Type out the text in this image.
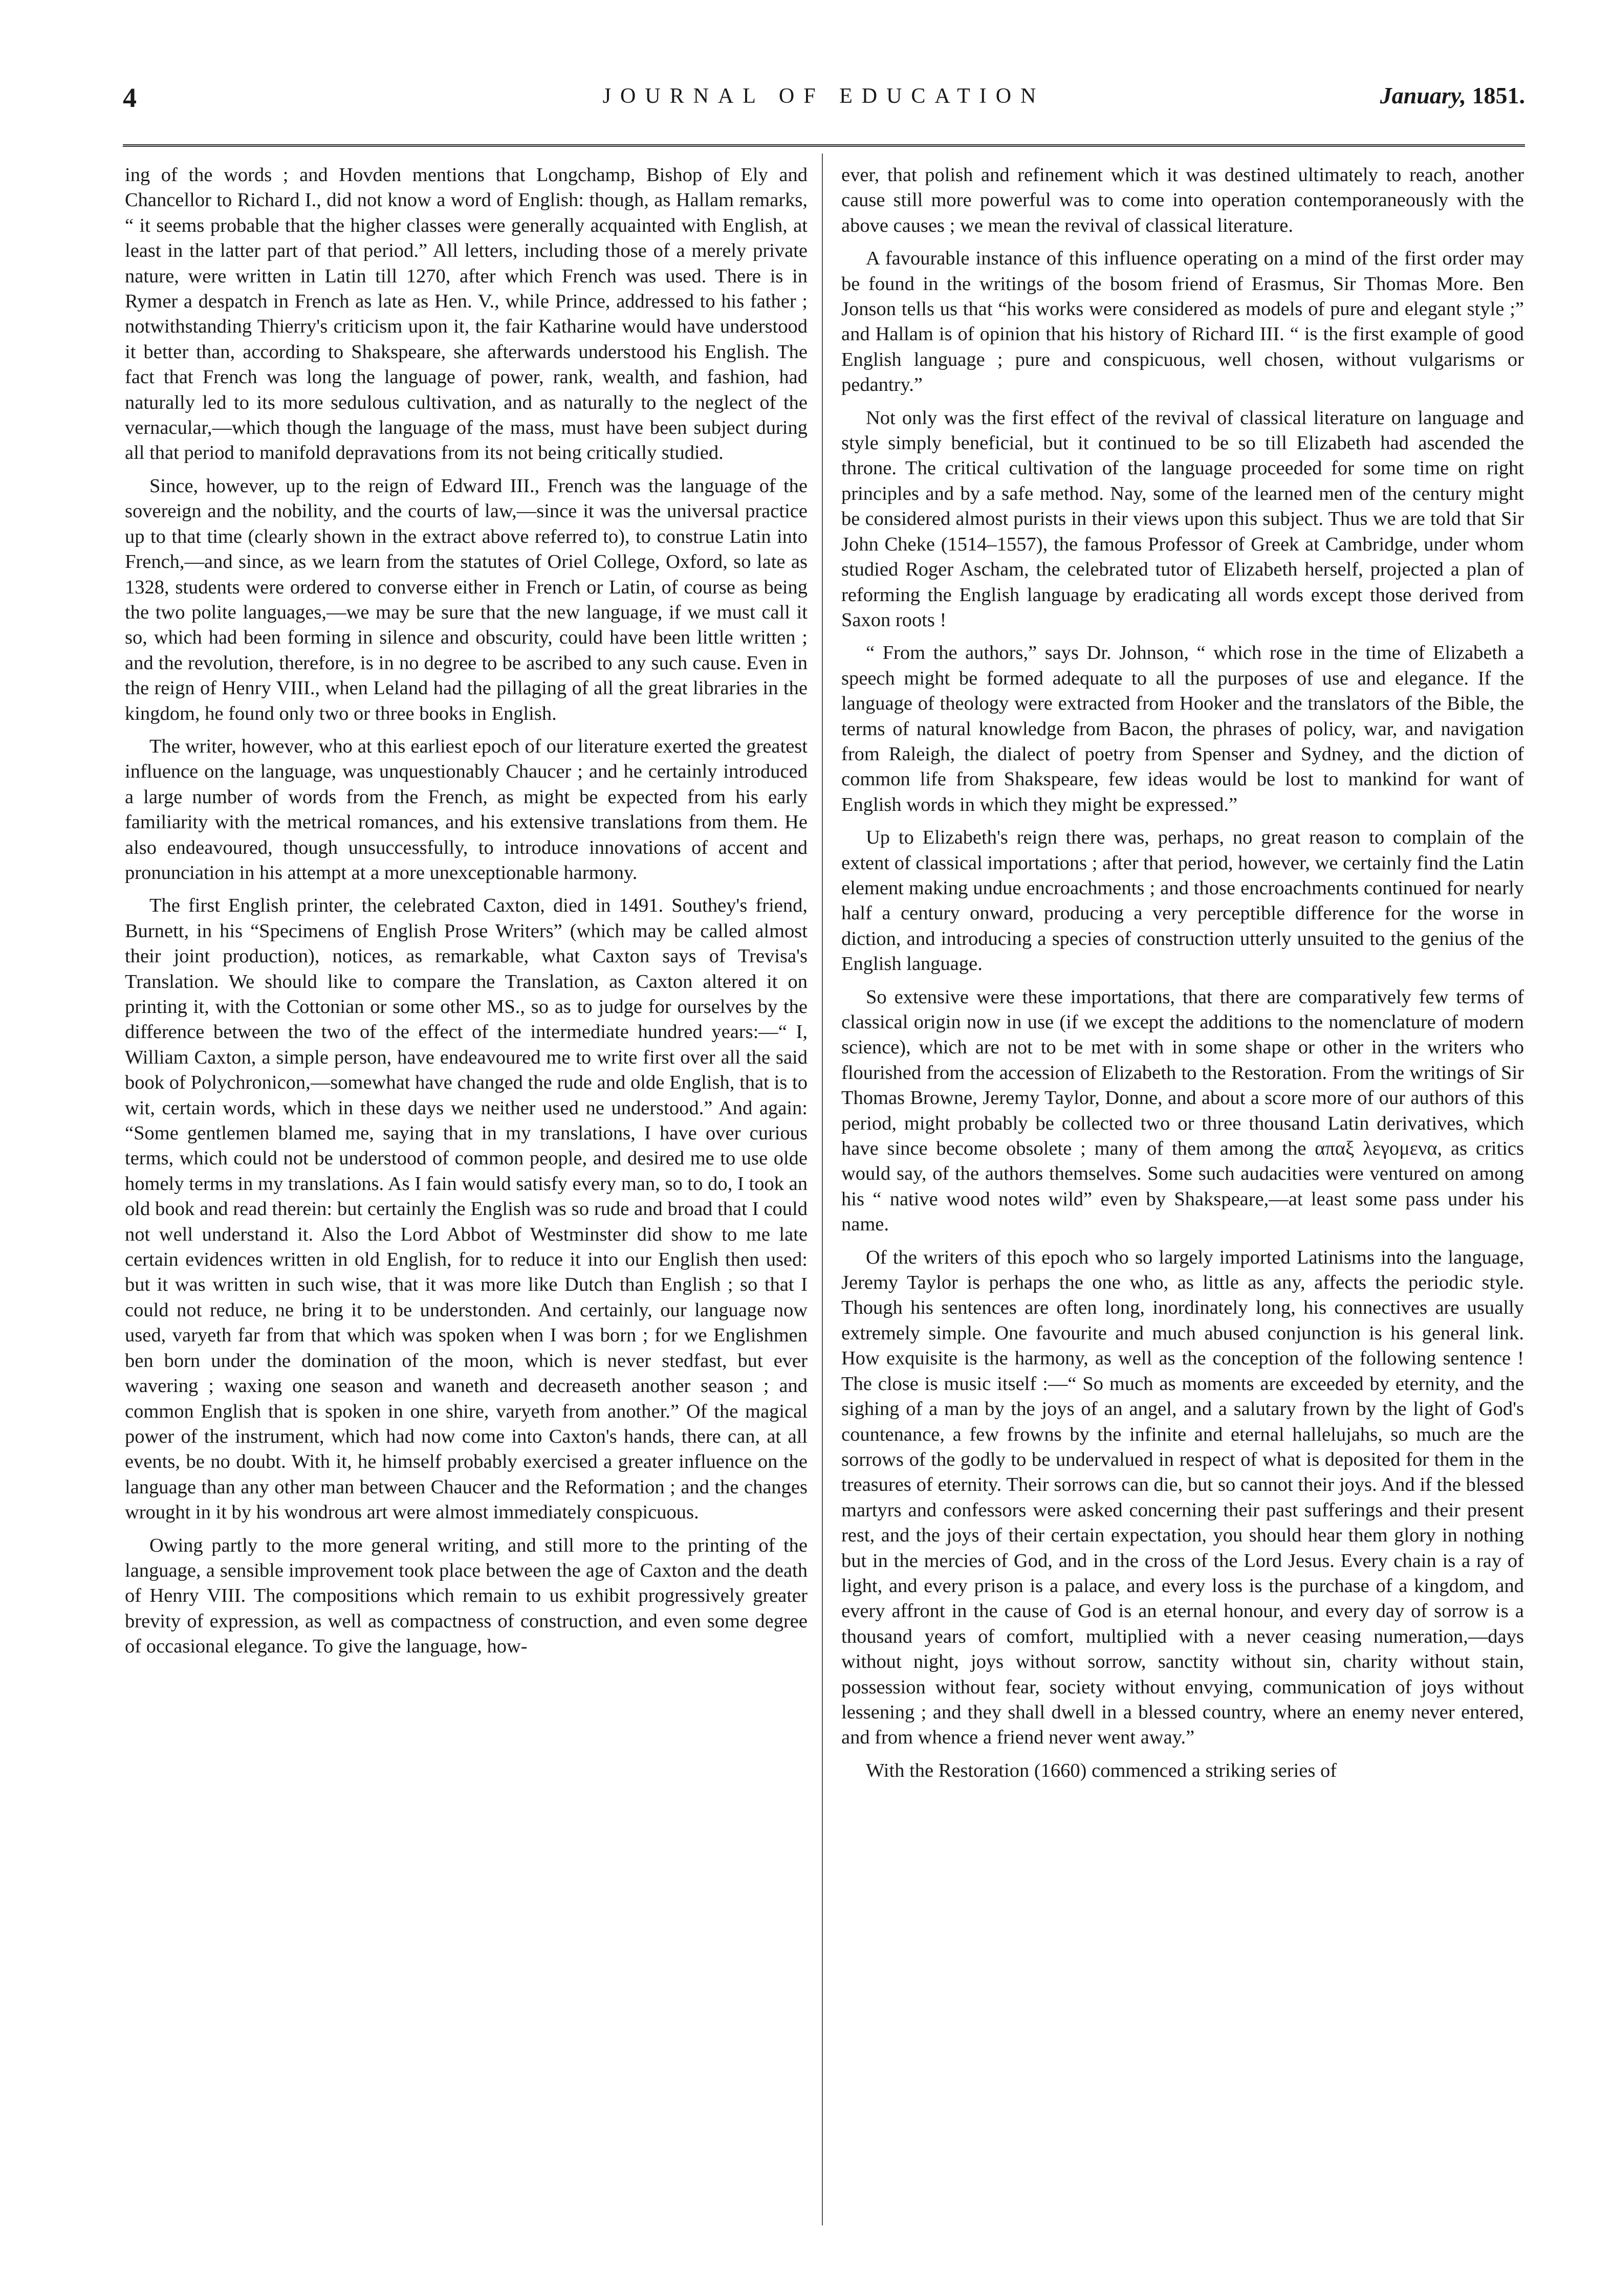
4	JOURNAL OF EDUCATION	January, 1851.

ing of the words ; and Hovden mentions that Longchamp, Bishop of Ely and Chancellor to Richard I., did not know a word of English: though, as Hallam remarks, “ it seems probable that the higher classes were generally acquainted with English, at least in the latter part of that period.” All letters, including those of a merely private nature, were written in Latin till 1270, after which French was used. There is in Rymer a despatch in French as late as Hen. V., while Prince, addressed to his father ; notwithstanding Thierry's criticism upon it, the fair Katharine would have understood it better than, according to Shakspeare, she afterwards understood his English. The fact that French was long the language of power, rank, wealth, and fashion, had naturally led to its more sedulous cultivation, and as naturally to the neglect of the vernacular,—which though the language of the mass, must have been subject during all that period to manifold depravations from its not being critically studied.

Since, however, up to the reign of Edward III., French was the language of the sovereign and the nobility, and the courts of law,—since it was the universal practice up to that time (clearly shown in the extract above referred to), to construe Latin into French,—and since, as we learn from the statutes of Oriel College, Oxford, so late as 1328, students were ordered to converse either in French or Latin, of course as being the two polite languages,—we may be sure that the new language, if we must call it so, which had been forming in silence and obscurity, could have been little written ; and the revolution, therefore, is in no degree to be ascribed to any such cause. Even in the reign of Henry VIII., when Leland had the pillaging of all the great libraries in the kingdom, he found only two or three books in English.

The writer, however, who at this earliest epoch of our literature exerted the greatest influence on the language, was unquestionably Chaucer ; and he certainly introduced a large number of words from the French, as might be expected from his early familiarity with the metrical romances, and his extensive translations from them. He also endeavoured, though unsuccessfully, to introduce innovations of accent and pronunciation in his attempt at a more unexceptionable harmony.

The first English printer, the celebrated Caxton, died in 1491. Southey's friend, Burnett, in his “Specimens of English Prose Writers” (which may be called almost their joint production), notices, as remarkable, what Caxton says of Trevisa's Translation. We should like to compare the Translation, as Caxton altered it on printing it, with the Cottonian or some other MS., so as to judge for ourselves by the difference between the two of the effect of the intermediate hundred years:—“ I, William Caxton, a simple person, have endeavoured me to write first over all the said book of Polychronicon,—somewhat have changed the rude and olde English, that is to wit, certain words, which in these days we neither used ne understood.” And again: “Some gentlemen blamed me, saying that in my translations, I have over curious terms, which could not be understood of common people, and desired me to use olde homely terms in my translations. As I fain would satisfy every man, so to do, I took an old book and read therein: but certainly the English was so rude and broad that I could not well understand it. Also the Lord Abbot of Westminster did show to me late certain evidences written in old English, for to reduce it into our English then used: but it was written in such wise, that it was more like Dutch than English ; so that I could not reduce, ne bring it to be understonden. And certainly, our language now used, varyeth far from that which was spoken when I was born ; for we Englishmen ben born under the domination of the moon, which is never stedfast, but ever wavering ; waxing one season and waneth and decreaseth another season ; and common English that is spoken in one shire, varyeth from another.” Of the magical power of the instrument, which had now come into Caxton's hands, there can, at all events, be no doubt. With it, he himself probably exercised a greater influence on the language than any other man between Chaucer and the Reformation ; and the changes wrought in it by his wondrous art were almost immediately conspicuous.

Owing partly to the more general writing, and still more to the printing of the language, a sensible improvement took place between the age of Caxton and the death of Henry VIII. The compositions which remain to us exhibit progressively greater brevity of expression, as well as compactness of construction, and even some degree of occasional elegance. To give the language, how-

ever, that polish and refinement which it was destined ultimately to reach, another cause still more powerful was to come into operation contemporaneously with the above causes ; we mean the revival of classical literature.

A favourable instance of this influence operating on a mind of the first order may be found in the writings of the bosom friend of Erasmus, Sir Thomas More. Ben Jonson tells us that “his works were considered as models of pure and elegant style ;” and Hallam is of opinion that his history of Richard III. “ is the first example of good English language ; pure and conspicuous, well chosen, without vulgarisms or pedantry.”

Not only was the first effect of the revival of classical literature on language and style simply beneficial, but it continued to be so till Elizabeth had ascended the throne. The critical cultivation of the language proceeded for some time on right principles and by a safe method. Nay, some of the learned men of the century might be considered almost purists in their views upon this subject. Thus we are told that Sir John Cheke (1514–1557), the famous Professor of Greek at Cambridge, under whom studied Roger Ascham, the celebrated tutor of Elizabeth herself, projected a plan of reforming the English language by eradicating all words except those derived from Saxon roots !

“ From the authors,” says Dr. Johnson, “ which rose in the time of Elizabeth a speech might be formed adequate to all the purposes of use and elegance. If the language of theology were extracted from Hooker and the translators of the Bible, the terms of natural knowledge from Bacon, the phrases of policy, war, and navigation from Raleigh, the dialect of poetry from Spenser and Sydney, and the diction of common life from Shakspeare, few ideas would be lost to mankind for want of English words in which they might be expressed.”

Up to Elizabeth's reign there was, perhaps, no great reason to complain of the extent of classical importations ; after that period, however, we certainly find the Latin element making undue encroachments ; and those encroachments continued for nearly half a century onward, producing a very perceptible difference for the worse in diction, and introducing a species of construction utterly unsuited to the genius of the English language.

So extensive were these importations, that there are comparatively few terms of classical origin now in use (if we except the additions to the nomenclature of modern science), which are not to be met with in some shape or other in the writers who flourished from the accession of Elizabeth to the Restoration. From the writings of Sir Thomas Browne, Jeremy Taylor, Donne, and about a score more of our authors of this period, might probably be collected two or three thousand Latin derivatives, which have since become obsolete ; many of them among the απαξ λεγομενα, as critics would say, of the authors themselves. Some such audacities were ventured on among his “ native wood notes wild” even by Shakspeare,—at least some pass under his name.

Of the writers of this epoch who so largely imported Latinisms into the language, Jeremy Taylor is perhaps the one who, as little as any, affects the periodic style. Though his sentences are often long, inordinately long, his connectives are usually extremely simple. One favourite and much abused conjunction is his general link. How exquisite is the harmony, as well as the conception of the following sentence ! The close is music itself :—“ So much as moments are exceeded by eternity, and the sighing of a man by the joys of an angel, and a salutary frown by the light of God's countenance, a few frowns by the infinite and eternal hallelujahs, so much are the sorrows of the godly to be undervalued in respect of what is deposited for them in the treasures of eternity. Their sorrows can die, but so cannot their joys. And if the blessed martyrs and confessors were asked concerning their past sufferings and their present rest, and the joys of their certain expectation, you should hear them glory in nothing but in the mercies of God, and in the cross of the Lord Jesus. Every chain is a ray of light, and every prison is a palace, and every loss is the purchase of a kingdom, and every affront in the cause of God is an eternal honour, and every day of sorrow is a thousand years of comfort, multiplied with a never ceasing numeration,—days without night, joys without sorrow, sanctity without sin, charity without stain, possession without fear, society without envying, communication of joys without lessening ; and they shall dwell in a blessed country, where an enemy never entered, and from whence a friend never went away.”

With the Restoration (1660) commenced a striking series of
